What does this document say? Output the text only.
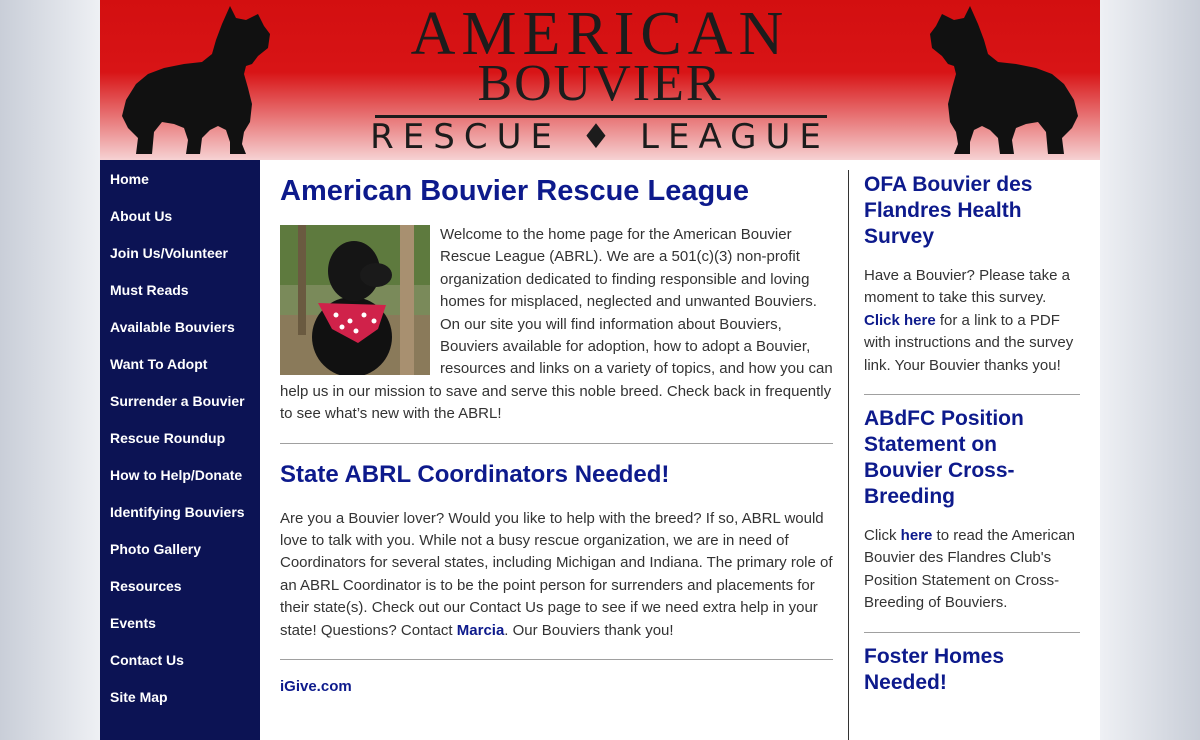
AMERICAN
BOUVIER
RESCUE ♦ LEAGUE
Home
About Us
Join Us/Volunteer
Must Reads
Available Bouviers
Want To Adopt
Surrender a Bouvier
Rescue Roundup
How to Help/Donate
Identifying Bouviers
Photo Gallery
Resources
Events
Contact Us
Site Map
American Bouvier Rescue League

Welcome to the home page for the American Bouvier Rescue League (ABRL). We are a 501(c)(3) non-profit organization dedicated to finding responsible and loving homes for misplaced, neglected and unwanted Bouviers. On our site you will find information about Bouviers, Bouviers available for adoption, how to adopt a Bouvier, resources and links on a variety of topics, and how you can help us in our mission to save and serve this noble breed. Check back in frequently to see what’s new with the ABRL!

State ABRL Coordinators Needed!

Are you a Bouvier lover? Would you like to help with the breed? If so, ABRL would love to talk with you. While not a busy rescue organization, we are in need of Coordinators for several states, including Michigan and Indiana. The primary role of an ABRL Coordinator is to be the point person for surrenders and placements for their state(s). Check out our Contact Us page to see if we need extra help in your state! Questions? Contact Marcia. Our Bouviers thank you!

iGive.com
OFA Bouvier des Flandres Health Survey

Have a Bouvier? Please take a moment to take this survey. Click here for a link to a PDF with instructions and the survey link. Your Bouvier thanks you!

ABdFC Position Statement on Bouvier Cross-Breeding

Click here to read the American Bouvier des Flandres Club's Position Statement on Cross-Breeding of Bouviers.

Foster Homes Needed!
